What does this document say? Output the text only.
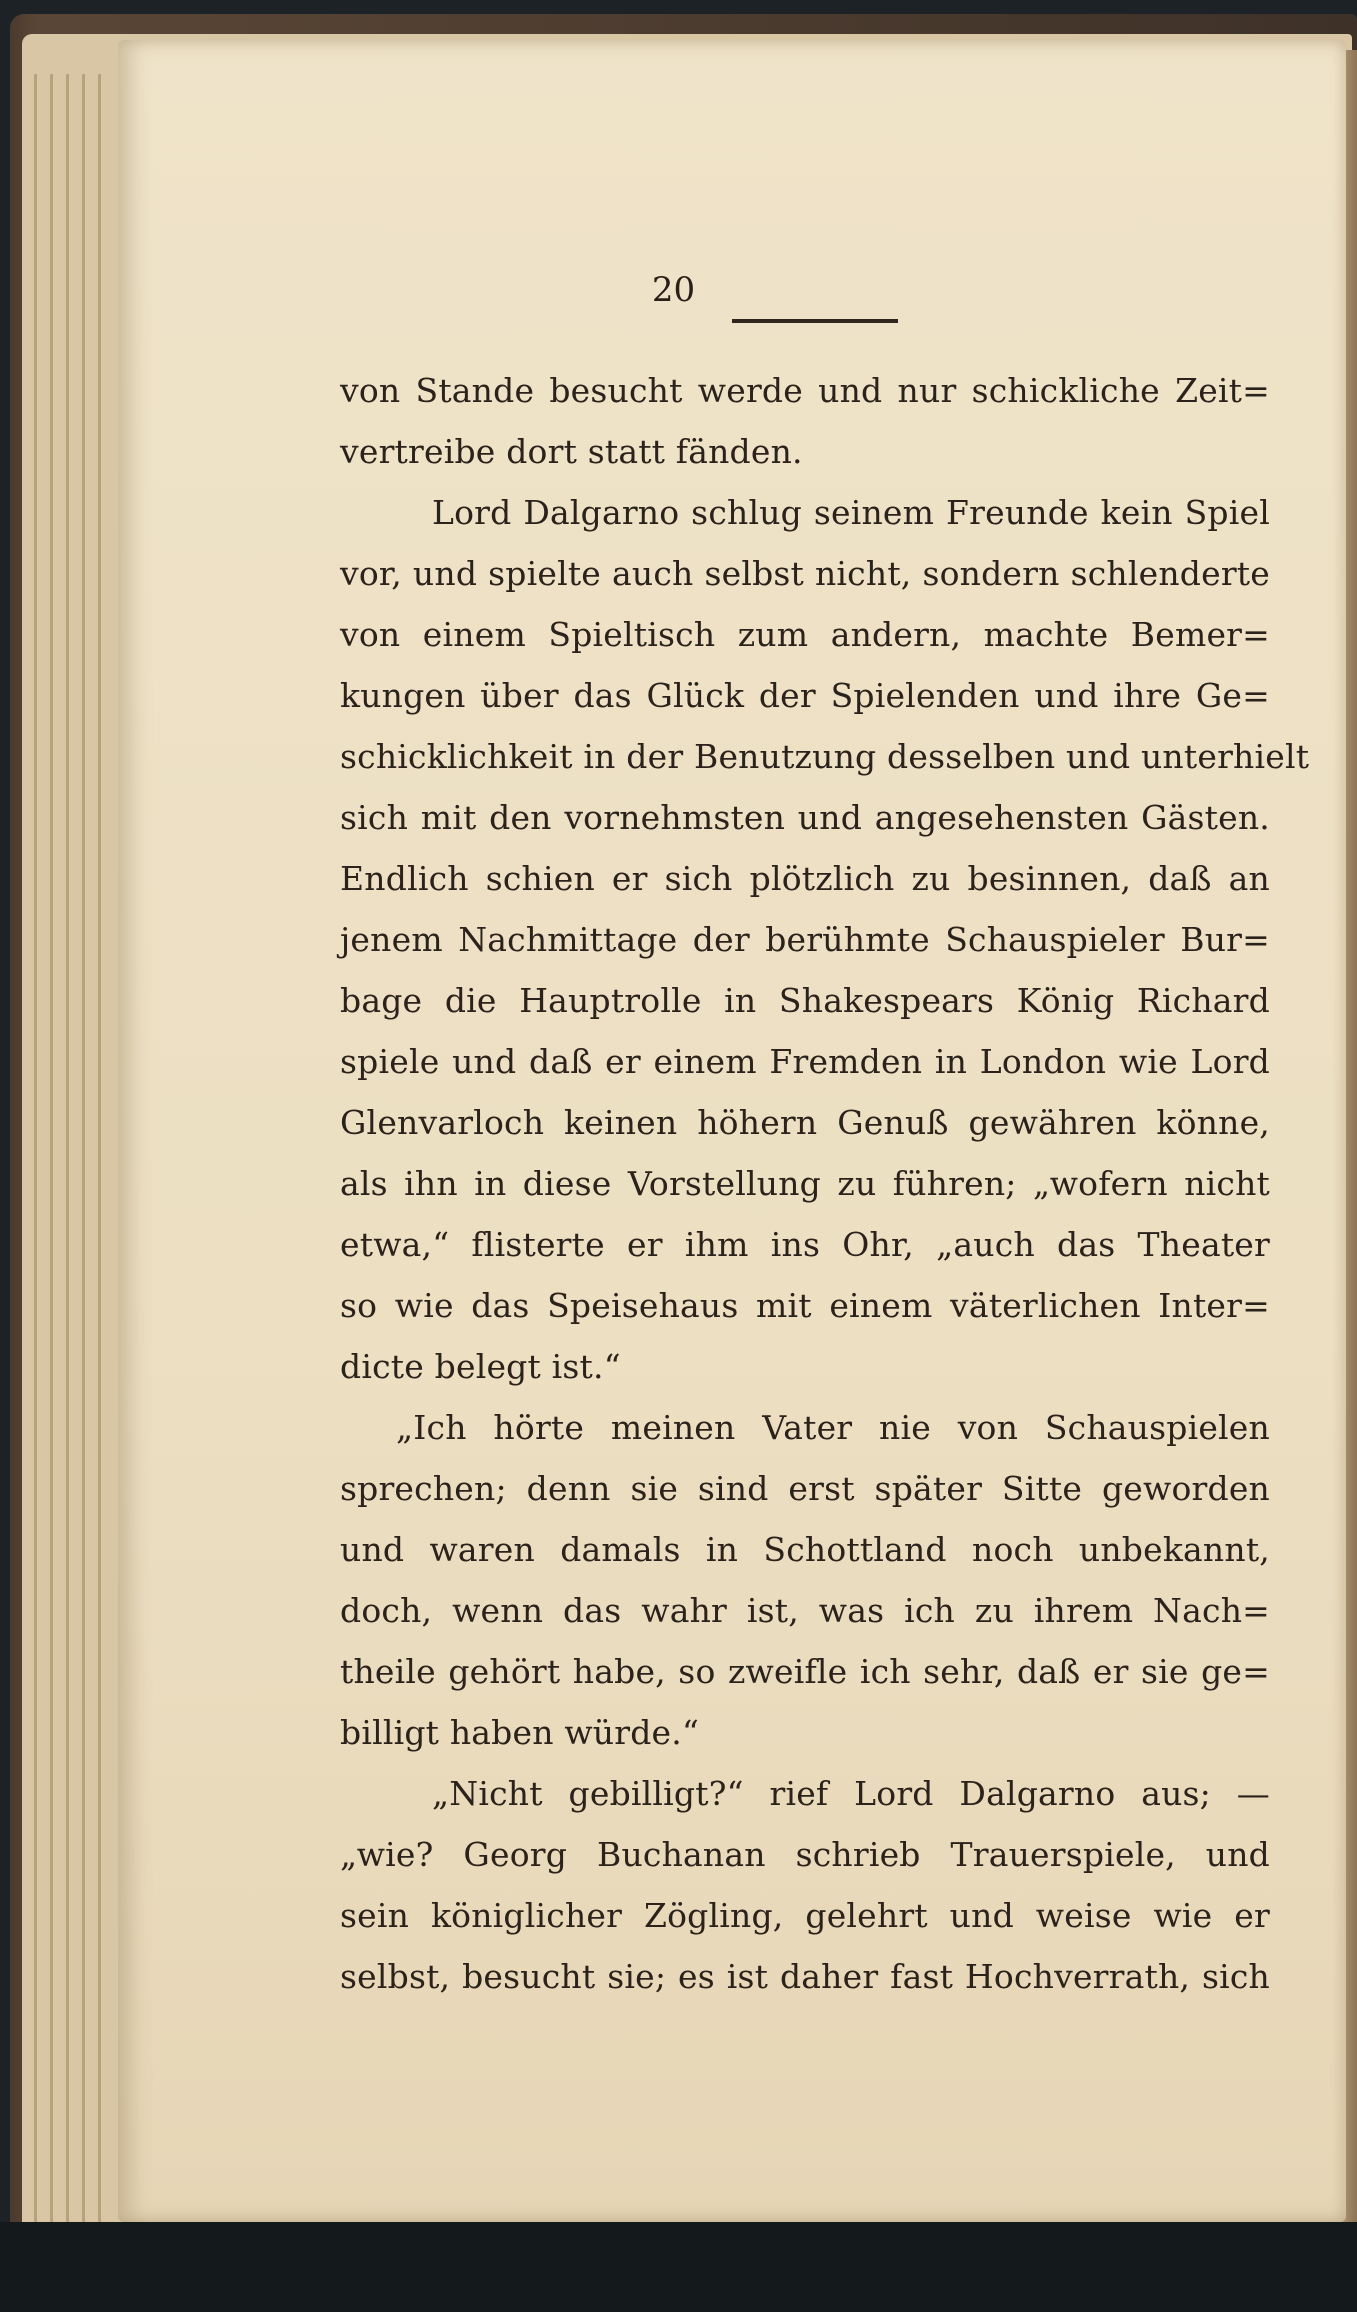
20
von Stande besucht werde und nur schickliche Zeit=
vertreibe dort statt fänden.
Lord Dalgarno schlug seinem Freunde kein Spiel
vor, und spielte auch selbst nicht, sondern schlenderte
von einem Spieltisch zum andern, machte Bemer=
kungen über das Glück der Spielenden und ihre Ge=
schicklichkeit in der Benutzung desselben und unterhielt
sich mit den vornehmsten und angesehensten Gästen.
Endlich schien er sich plötzlich zu besinnen, daß an
jenem Nachmittage der berühmte Schauspieler Bur=
bage die Hauptrolle in Shakespears König Richard
spiele und daß er einem Fremden in London wie Lord
Glenvarloch keinen höhern Genuß gewähren könne,
als ihn in diese Vorstellung zu führen; „wofern nicht
etwa,“ flisterte er ihm ins Ohr, „auch das Theater
so wie das Speisehaus mit einem väterlichen Inter=
dicte belegt ist.“
„Ich hörte meinen Vater nie von Schauspielen
sprechen; denn sie sind erst später Sitte geworden
und waren damals in Schottland noch unbekannt,
doch, wenn das wahr ist, was ich zu ihrem Nach=
theile gehört habe, so zweifle ich sehr, daß er sie ge=
billigt haben würde.“
„Nicht gebilligt?“ rief Lord Dalgarno aus; —
„wie? Georg Buchanan schrieb Trauerspiele, und
sein königlicher Zögling, gelehrt und weise wie er
selbst, besucht sie; es ist daher fast Hochverrath, sich
